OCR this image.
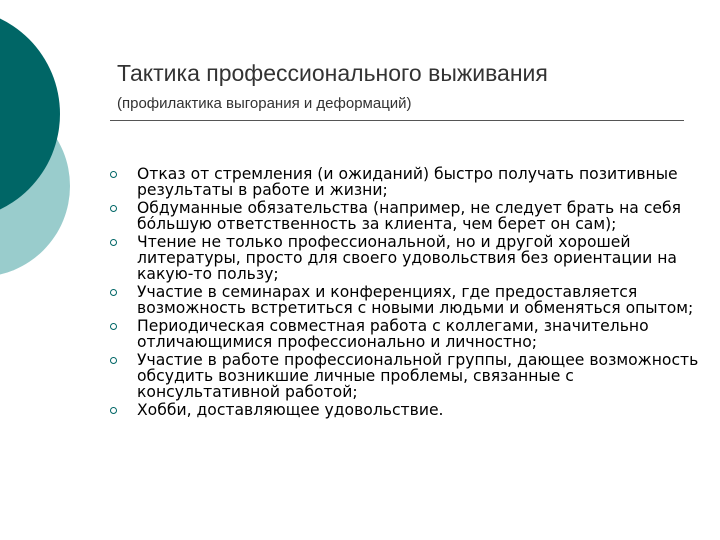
Тактика профессионального выживания
(профилактика выгорания и деформаций)
Отказ от стремления (и ожиданий) быстро получать позитивные результаты в работе и жизни;
Обдуманные обязательства (например, не следует брать на себя бóльшую ответственность за клиента, чем берет он сам);
Чтение не только профессиональной, но и другой хорошей литературы, просто для своего удовольствия без ориентации на какую-то пользу;
Участие в семинарах и конференциях, где предоставляется возможность встретиться с новыми людьми и обменяться опытом;
Периодическая совместная работа с коллегами, значительно отличающимися профессионально и личностно;
Участие в работе профессиональной группы, дающее возможность обсудить возникшие личные проблемы, связанные с консультативной работой;
Хобби, доставляющее удовольствие.
